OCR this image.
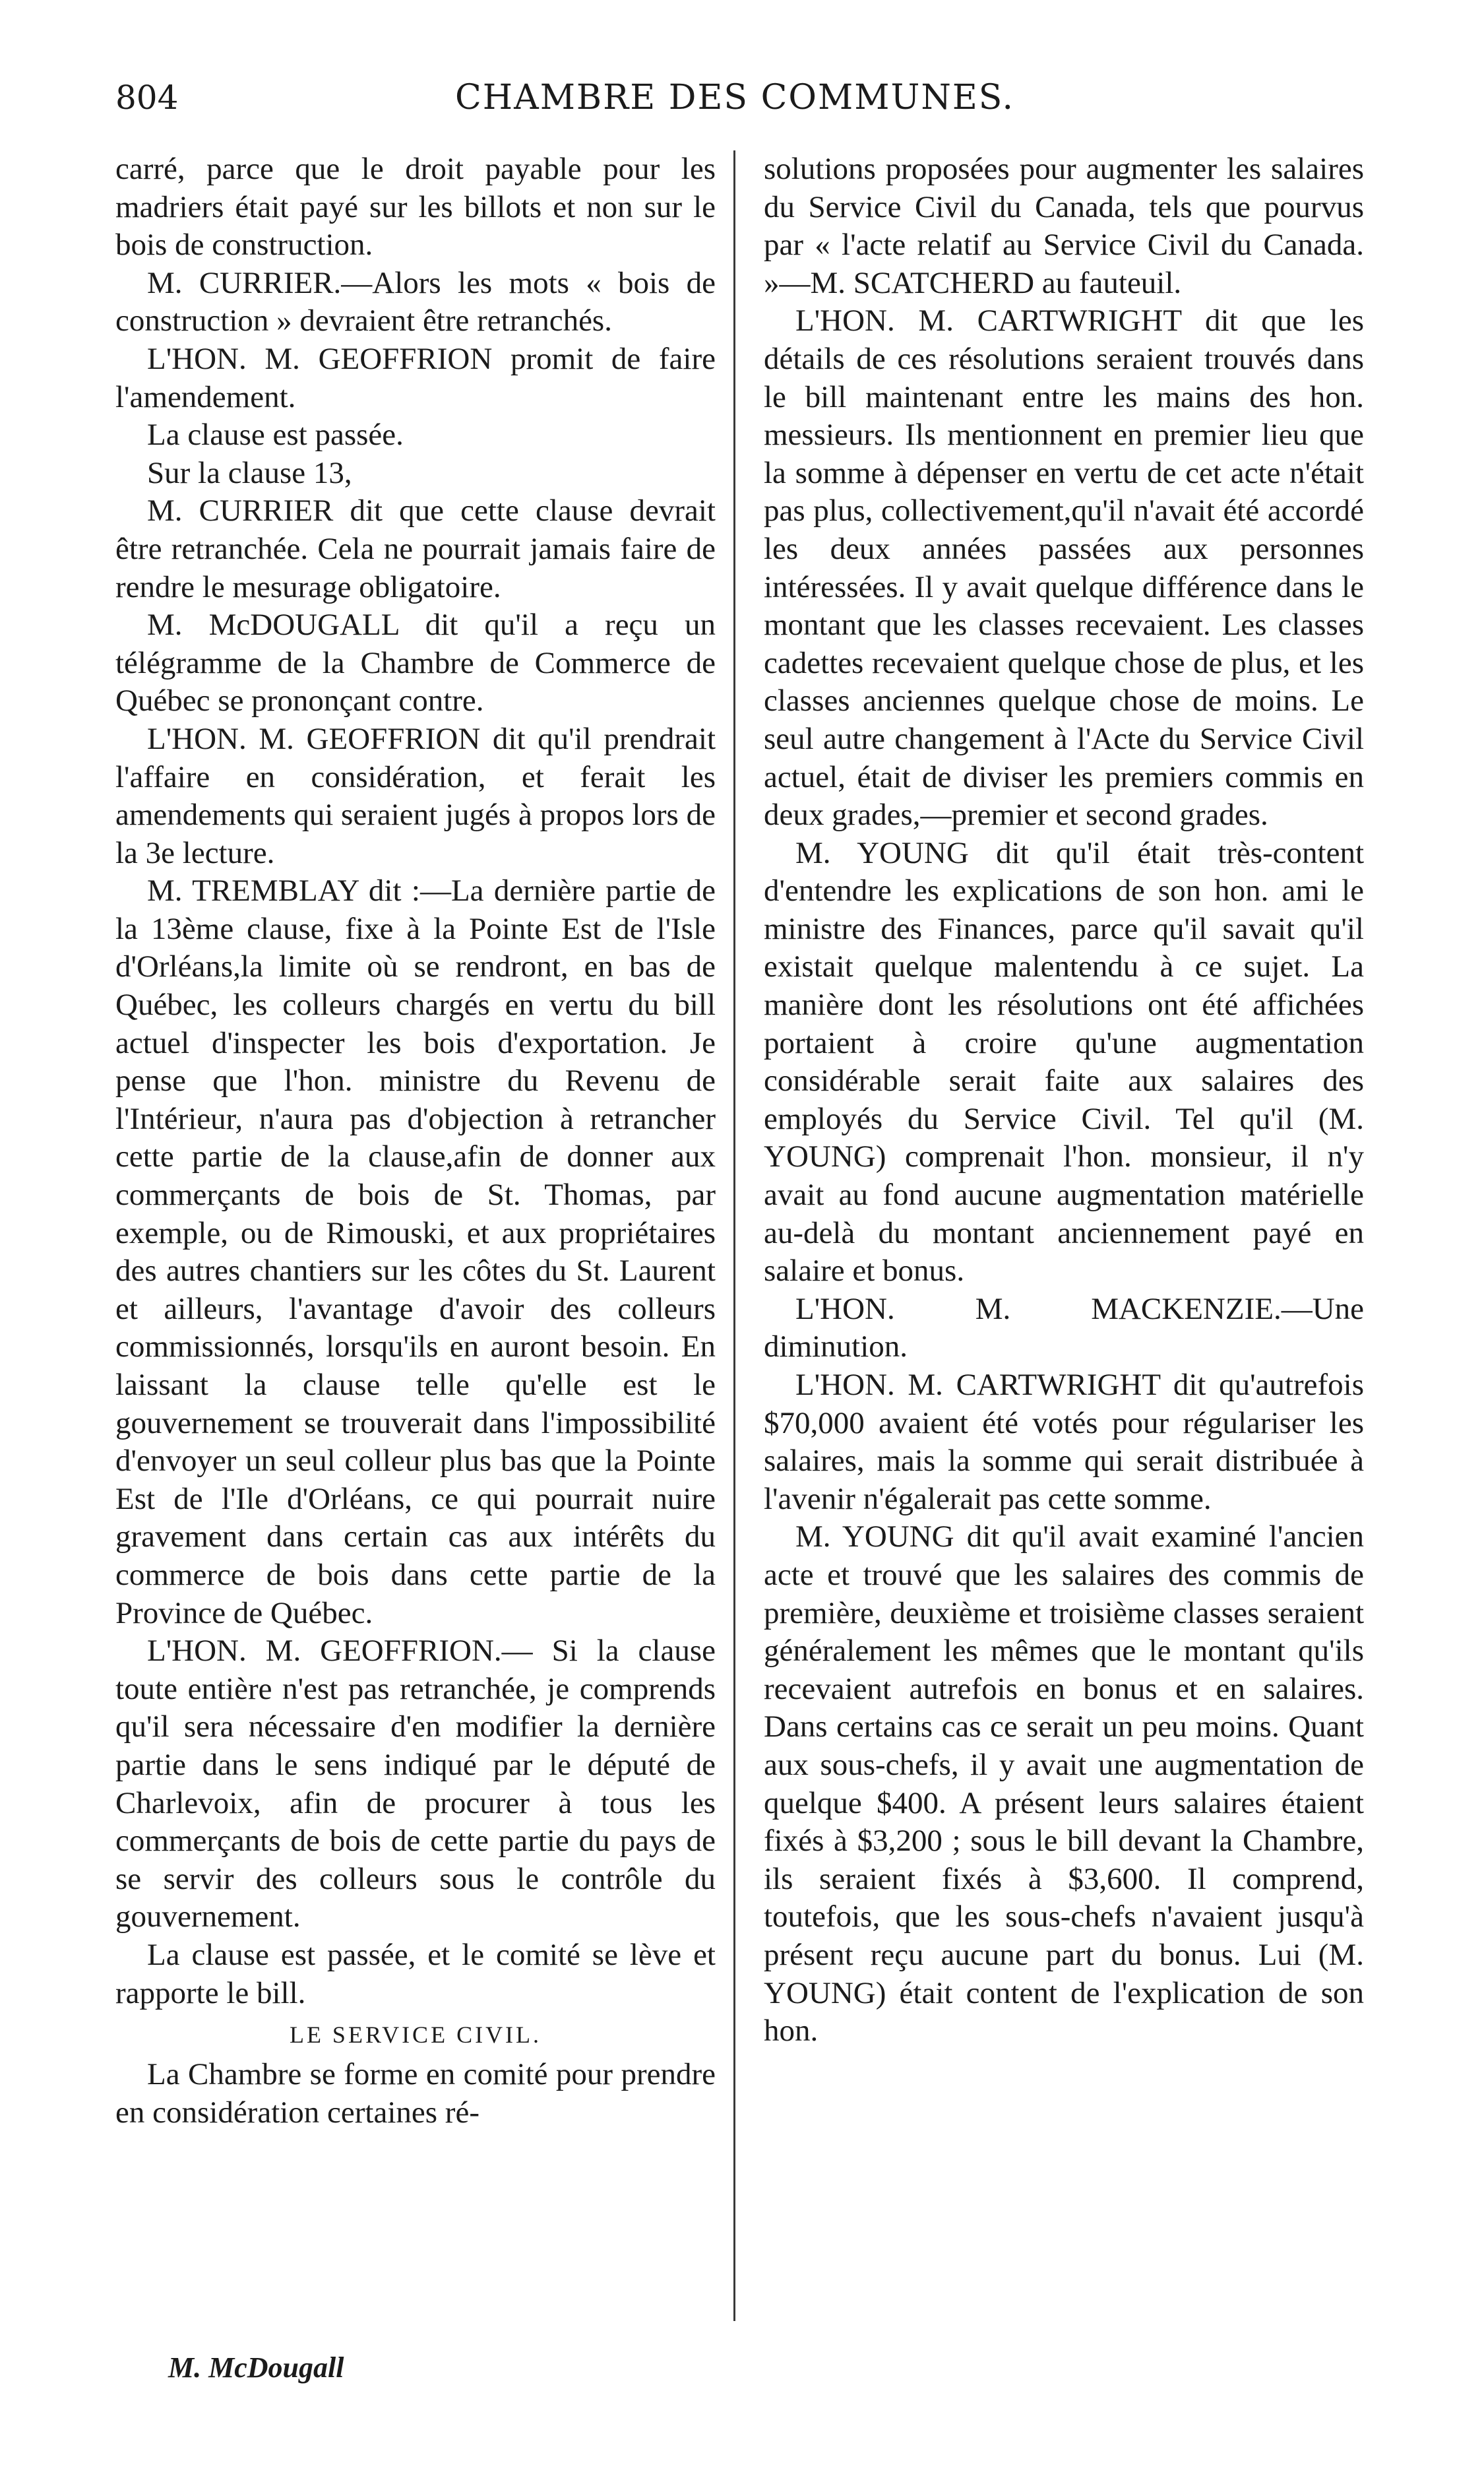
804	CHAMBRE DES COMMUNES.

carré, parce que le droit payable pour les madriers était payé sur les billots et non sur le bois de construction.

M. CURRIER.—Alors les mots « bois de construction » devraient être retranchés.

L'HON. M. GEOFFRION promit de faire l'amendement.

La clause est passée.

Sur la clause 13,

M. CURRIER dit que cette clause devrait être retranchée. Cela ne pourrait jamais faire de rendre le mesurage obligatoire.

M. McDOUGALL dit qu'il a reçu un télégramme de la Chambre de Commerce de Québec se prononçant contre.

L'HON. M. GEOFFRION dit qu'il prendrait l'affaire en considération, et ferait les amendements qui seraient jugés à propos lors de la 3e lecture.

M. TREMBLAY dit :—La dernière partie de la 13ème clause, fixe à la Pointe Est de l'Isle d'Orléans,la limite où se rendront, en bas de Québec, les colleurs chargés en vertu du bill actuel d'inspecter les bois d'exportation. Je pense que l'hon. ministre du Revenu de l'Intérieur, n'aura pas d'objection à retrancher cette partie de la clause,afin de donner aux commerçants de bois de St. Thomas, par exemple, ou de Rimouski, et aux propriétaires des autres chantiers sur les côtes du St. Laurent et ailleurs, l'avantage d'avoir des colleurs commissionnés, lorsqu'ils en auront besoin. En laissant la clause telle qu'elle est le gouvernement se trouverait dans l'impossibilité d'envoyer un seul colleur plus bas que la Pointe Est de l'Ile d'Orléans, ce qui pourrait nuire gravement dans certain cas aux intérêts du commerce de bois dans cette partie de la Province de Québec.

L'HON. M. GEOFFRION.— Si la clause toute entière n'est pas retranchée, je comprends qu'il sera nécessaire d'en modifier la dernière partie dans le sens indiqué par le député de Charlevoix, afin de procurer à tous les commerçants de bois de cette partie du pays de se servir des colleurs sous le contrôle du gouvernement.

La clause est passée, et le comité se lève et rapporte le bill.

LE SERVICE CIVIL.

La Chambre se forme en comité pour prendre en considération certaines ré-

solutions proposées pour augmenter les salaires du Service Civil du Canada, tels que pourvus par « l'acte relatif au Service Civil du Canada. »—M. SCATCHERD au fauteuil.

L'HON. M. CARTWRIGHT dit que les détails de ces résolutions seraient trouvés dans le bill maintenant entre les mains des hon. messieurs. Ils mentionnent en premier lieu que la somme à dépenser en vertu de cet acte n'était pas plus, collectivement,qu'il n'avait été accordé les deux années passées aux personnes intéressées. Il y avait quelque différence dans le montant que les classes recevaient. Les classes cadettes recevaient quelque chose de plus, et les classes anciennes quelque chose de moins. Le seul autre changement à l'Acte du Service Civil actuel, était de diviser les premiers commis en deux grades,—premier et second grades.

M. YOUNG dit qu'il était très-content d'entendre les explications de son hon. ami le ministre des Finances, parce qu'il savait qu'il existait quelque malentendu à ce sujet. La manière dont les résolutions ont été affichées portaient à croire qu'une augmentation considérable serait faite aux salaires des employés du Service Civil. Tel qu'il (M. YOUNG) comprenait l'hon. monsieur, il n'y avait au fond aucune augmentation matérielle au-delà du montant anciennement payé en salaire et bonus.

L'HON. M. MACKENZIE.—Une diminution.

L'HON. M. CARTWRIGHT dit qu'autrefois $70,000 avaient été votés pour régulariser les salaires, mais la somme qui serait distribuée à l'avenir n'égalerait pas cette somme.

M. YOUNG dit qu'il avait examiné l'ancien acte et trouvé que les salaires des commis de première, deuxième et troisième classes seraient généralement les mêmes que le montant qu'ils recevaient autrefois en bonus et en salaires. Dans certains cas ce serait un peu moins. Quant aux sous-chefs, il y avait une augmentation de quelque $400. A présent leurs salaires étaient fixés à $3,200 ; sous le bill devant la Chambre, ils seraient fixés à $3,600. Il comprend, toutefois, que les sous-chefs n'avaient jusqu'à présent reçu aucune part du bonus. Lui (M. YOUNG) était content de l'explication de son hon.

M. McDougall
